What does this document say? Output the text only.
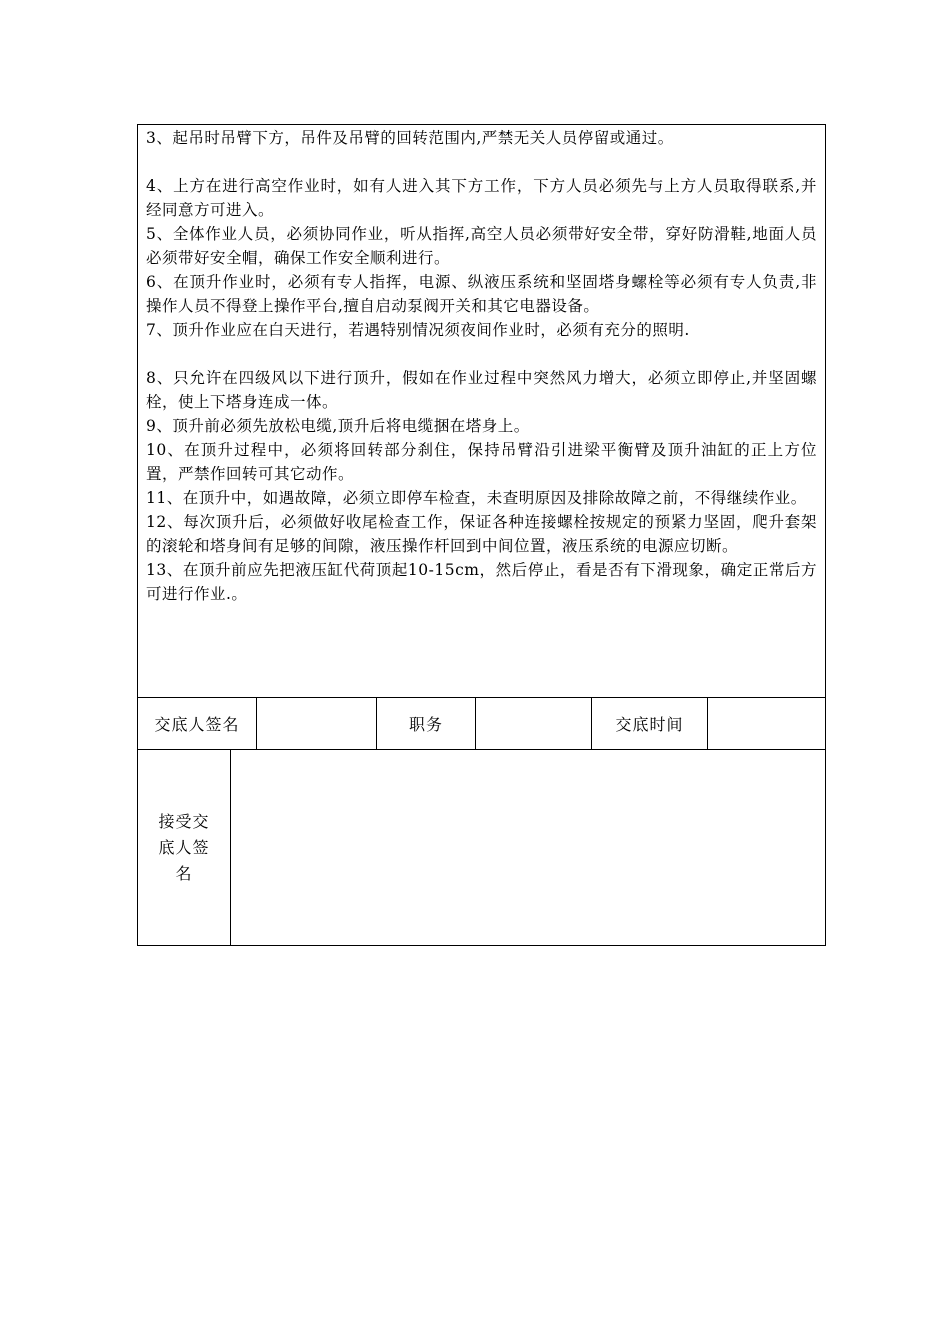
3、起吊时吊臂下方，吊件及吊臂的回转范围内,严禁无关人员停留或通过。

4、上方在进行高空作业时，如有人进入其下方工作，下方人员必须先与上方人员取得联系,并经同意方可进入。

5、全体作业人员，必须协同作业，听从指挥,高空人员必须带好安全带，穿好防滑鞋,地面人员必须带好安全帽，确保工作安全顺利进行。

6、在顶升作业时，必须有专人指挥，电源、纵液压系统和坚固塔身螺栓等必须有专人负责,非操作人员不得登上操作平台,擅自启动泵阀开关和其它电器设备。

7、顶升作业应在白天进行，若遇特别情况须夜间作业时，必须有充分的照明.

8、只允许在四级风以下进行顶升，假如在作业过程中突然风力增大，必须立即停止,并坚固螺栓，使上下塔身连成一体。

9、顶升前必须先放松电缆,顶升后将电缆捆在塔身上。

10、在顶升过程中，必须将回转部分刹住，保持吊臂沿引进梁平衡臂及顶升油缸的正上方位置，严禁作回转可其它动作。

11、在顶升中，如遇故障，必须立即停车检查，未查明原因及排除故障之前，不得继续作业。

12、每次顶升后，必须做好收尾检查工作，保证各种连接螺栓按规定的预紧力坚固，爬升套架的滚轮和塔身间有足够的间隙，液压操作杆回到中间位置，液压系统的电源应切断。

13、在顶升前应先把液压缸代荷顶起10-15cm，然后停止，看是否有下滑现象，确定正常后方可进行作业.。

交底人签名	职务	交底时间
接受交底人签名
